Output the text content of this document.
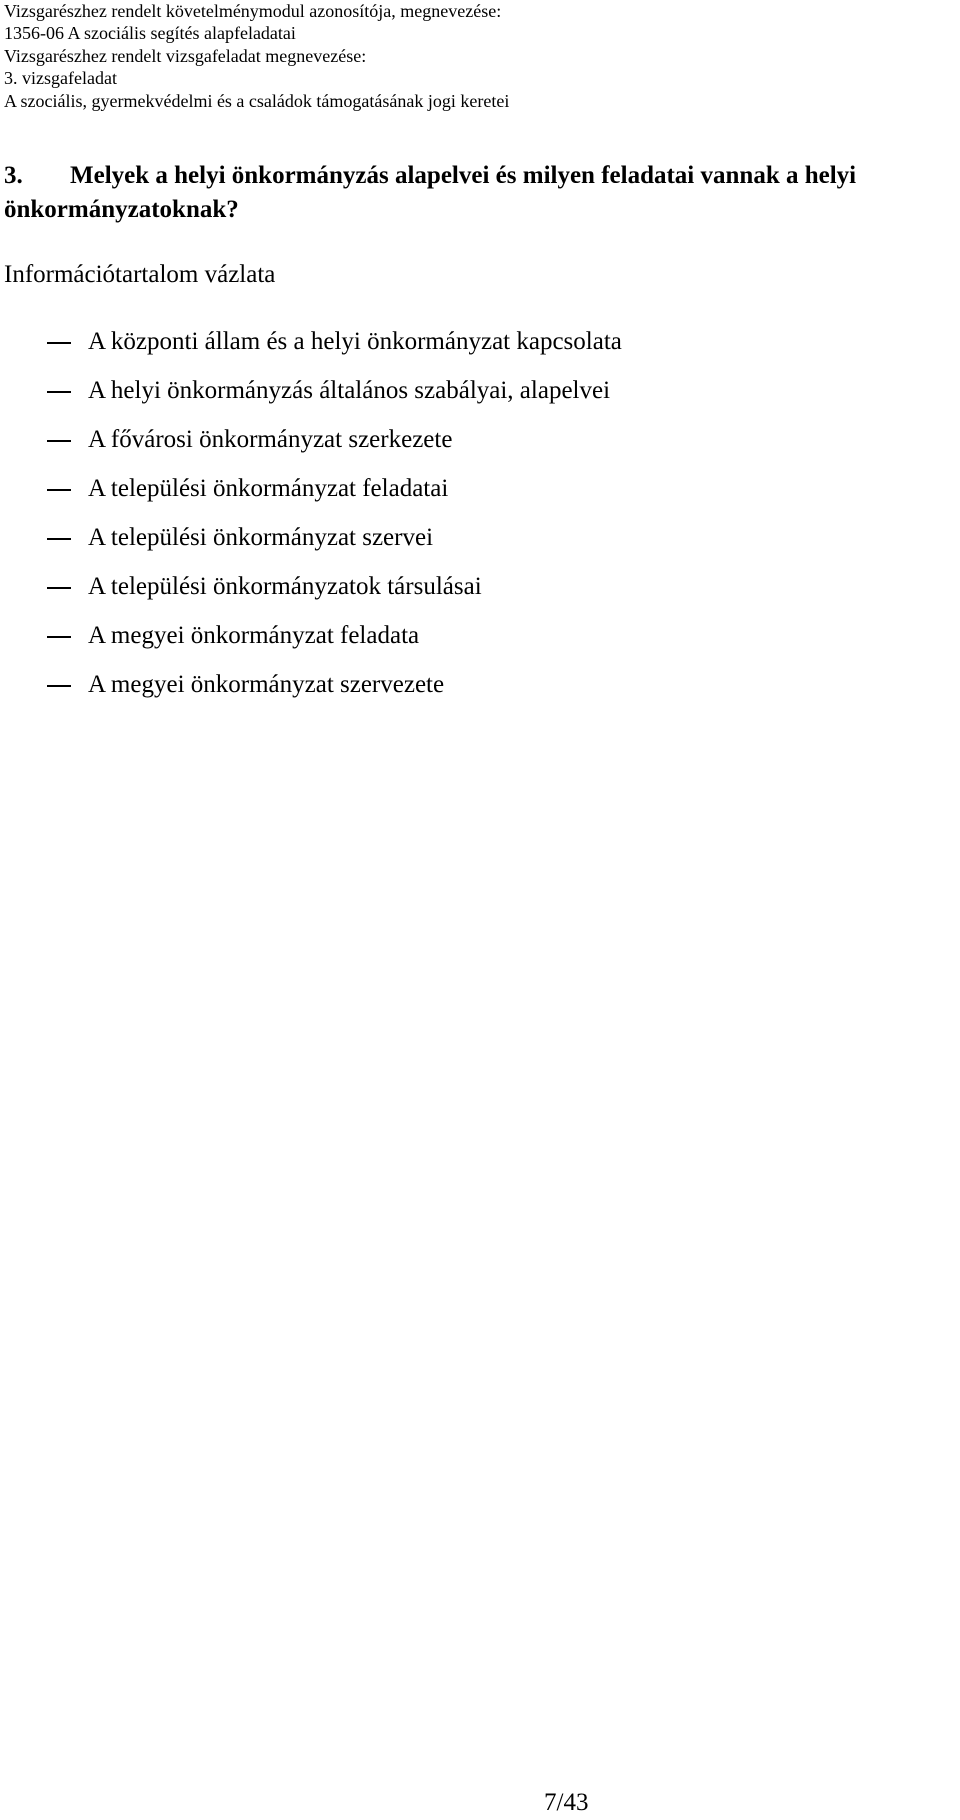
Vizsgarészhez rendelt követelménymodul azonosítója, megnevezése:
1356-06 A szociális segítés alapfeladatai
Vizsgarészhez rendelt vizsgafeladat megnevezése:
3. vizsgafeladat
A szociális, gyermekvédelmi és a családok támogatásának jogi keretei
3. Melyek a helyi önkormányzás alapelvei és milyen feladatai vannak a helyi önkormányzatoknak?
Információtartalom vázlata
A központi állam és a helyi önkormányzat kapcsolata
A helyi önkormányzás általános szabályai, alapelvei
A fővárosi önkormányzat szerkezete
A települési önkormányzat feladatai
A települési önkormányzat szervei
A települési önkormányzatok társulásai
A megyei önkormányzat feladata
A megyei önkormányzat szervezete
7/43
